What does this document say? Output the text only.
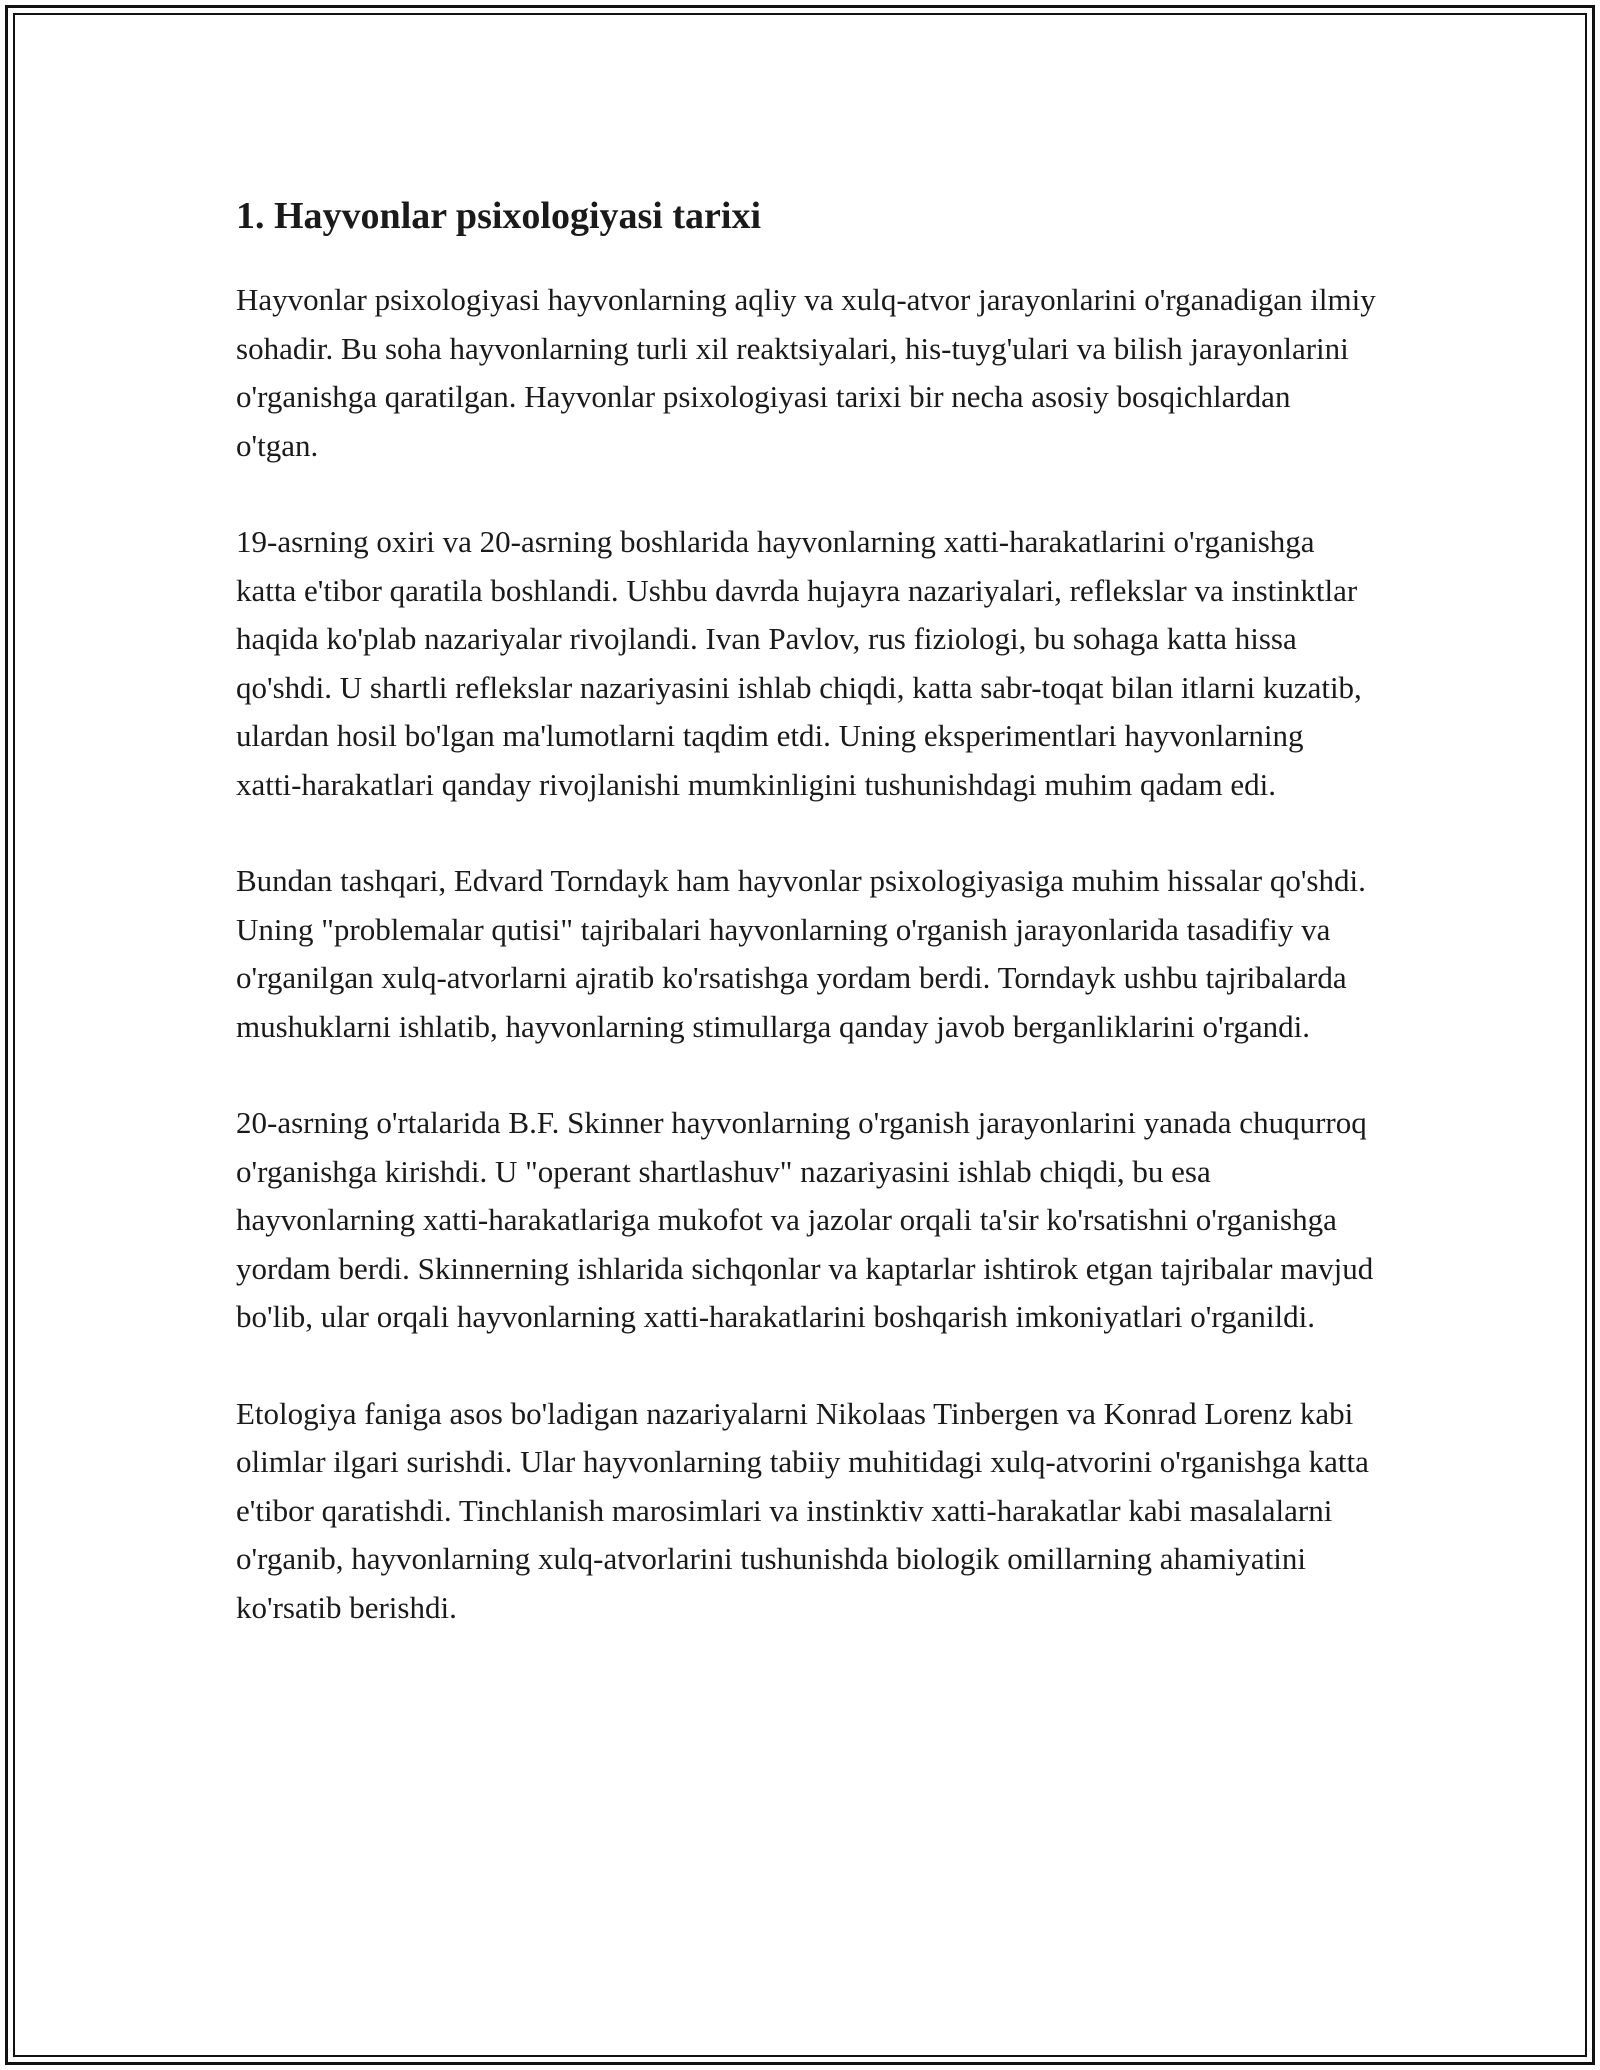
1. Hayvonlar psixologiyasi tarixi

Hayvonlar psixologiyasi hayvonlarning aqliy va xulq-atvor jarayonlarini o'rganadigan ilmiy sohadir. Bu soha hayvonlarning turli xil reaktsiyalari, his-tuyg'ulari va bilish jarayonlarini o'rganishga qaratilgan. Hayvonlar psixologiyasi tarixi bir necha asosiy bosqichlardan o'tgan.

19-asrning oxiri va 20-asrning boshlarida hayvonlarning xatti-harakatlarini o'rganishga katta e'tibor qaratila boshlandi. Ushbu davrda hujayra nazariyalari, reflekslar va instinktlar haqida ko'plab nazariyalar rivojlandi. Ivan Pavlov, rus fiziologi, bu sohaga katta hissa qo'shdi. U shartli reflekslar nazariyasini ishlab chiqdi, katta sabr-toqat bilan itlarni kuzatib, ulardan hosil bo'lgan ma'lumotlarni taqdim etdi. Uning eksperimentlari hayvonlarning xatti-harakatlari qanday rivojlanishi mumkinligini tushunishdagi muhim qadam edi.

Bundan tashqari, Edvard Torndayk ham hayvonlar psixologiyasiga muhim hissalar qo'shdi. Uning "problemalar qutisi" tajribalari hayvonlarning o'rganish jarayonlarida tasadifiy va o'rganilgan xulq-atvorlarni ajratib ko'rsatishga yordam berdi. Torndayk ushbu tajribalarda mushuklarni ishlatib, hayvonlarning stimullarga qanday javob berganliklarini o'rgandi.

20-asrning o'rtalarida B.F. Skinner hayvonlarning o'rganish jarayonlarini yanada chuqurroq o'rganishga kirishdi. U "operant shartlashuv" nazariyasini ishlab chiqdi, bu esa hayvonlarning xatti-harakatlariga mukofot va jazolar orqali ta'sir ko'rsatishni o'rganishga yordam berdi. Skinnerning ishlarida sichqonlar va kaptarlar ishtirok etgan tajribalar mavjud bo'lib, ular orqali hayvonlarning xatti-harakatlarini boshqarish imkoniyatlari o'rganildi.

Etologiya faniga asos bo'ladigan nazariyalarni Nikolaas Tinbergen va Konrad Lorenz kabi olimlar ilgari surishdi. Ular hayvonlarning tabiiy muhitidagi xulq-atvorini o'rganishga katta e'tibor qaratishdi. Tinchlanish marosimlari va instinktiv xatti-harakatlar kabi masalalarni o'rganib, hayvonlarning xulq-atvorlarini tushunishda biologik omillarning ahamiyatini ko'rsatib berishdi.
